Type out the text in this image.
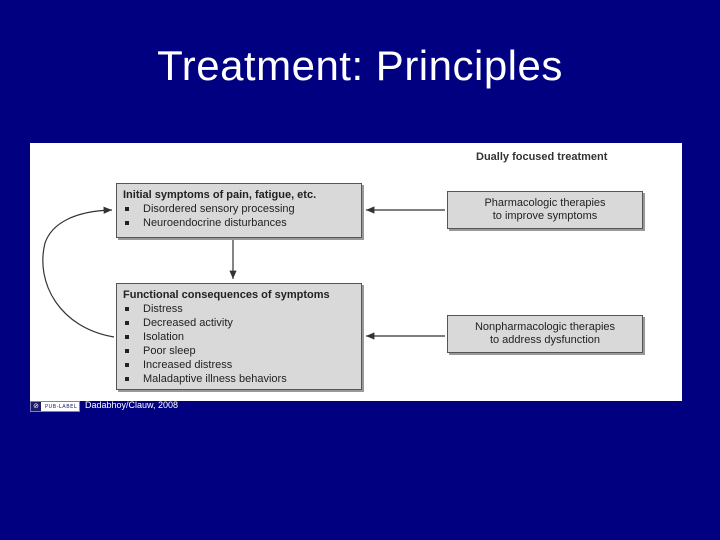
Treatment: Principles
Dually focused treatment
Initial symptoms of pain, fatigue, etc.
Disordered sensory processing
Neuroendocrine disturbances
Functional consequences of symptoms
Distress
Decreased activity
Isolation
Poor sleep
Increased distress
Maladaptive illness behaviors
Pharmacologic therapies
to improve symptoms
Nonpharmacologic therapies
to address dysfunction
⊘	PUB-LABEL Dadabhoy/Clauw, 2008
